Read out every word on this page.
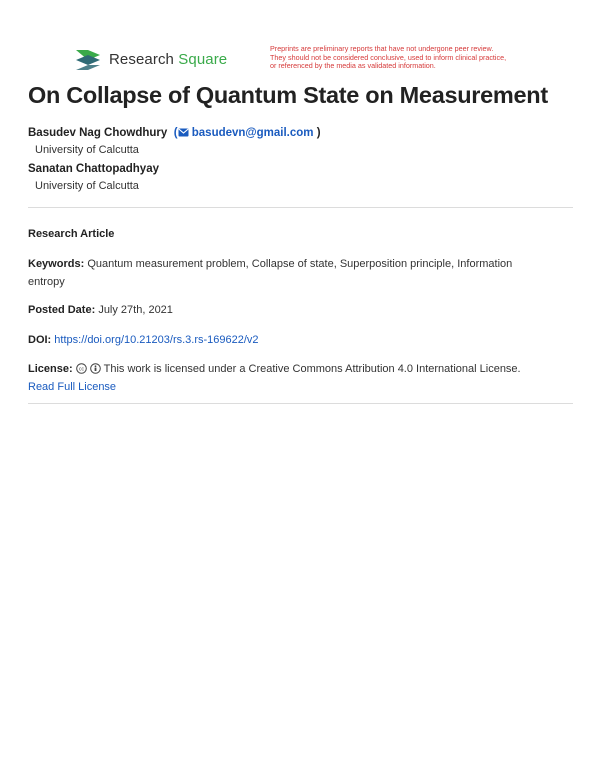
Research Square
Preprints are preliminary reports that have not undergone peer review.
They should not be considered conclusive, used to inform clinical practice,
or referenced by the media as validated information.
On Collapse of Quantum State on Measurement
Basudev Nag Chowdhury ( basudevn@gmail.com )
University of Calcutta
Sanatan Chattopadhyay
University of Calcutta
Research Article
Keywords: Quantum measurement problem, Collapse of state, Superposition principle, Information entropy
Posted Date: July 27th, 2021
DOI: https://doi.org/10.21203/rs.3.rs-169622/v2
License: cc This work is licensed under a Creative Commons Attribution 4.0 International License.
Read Full License
